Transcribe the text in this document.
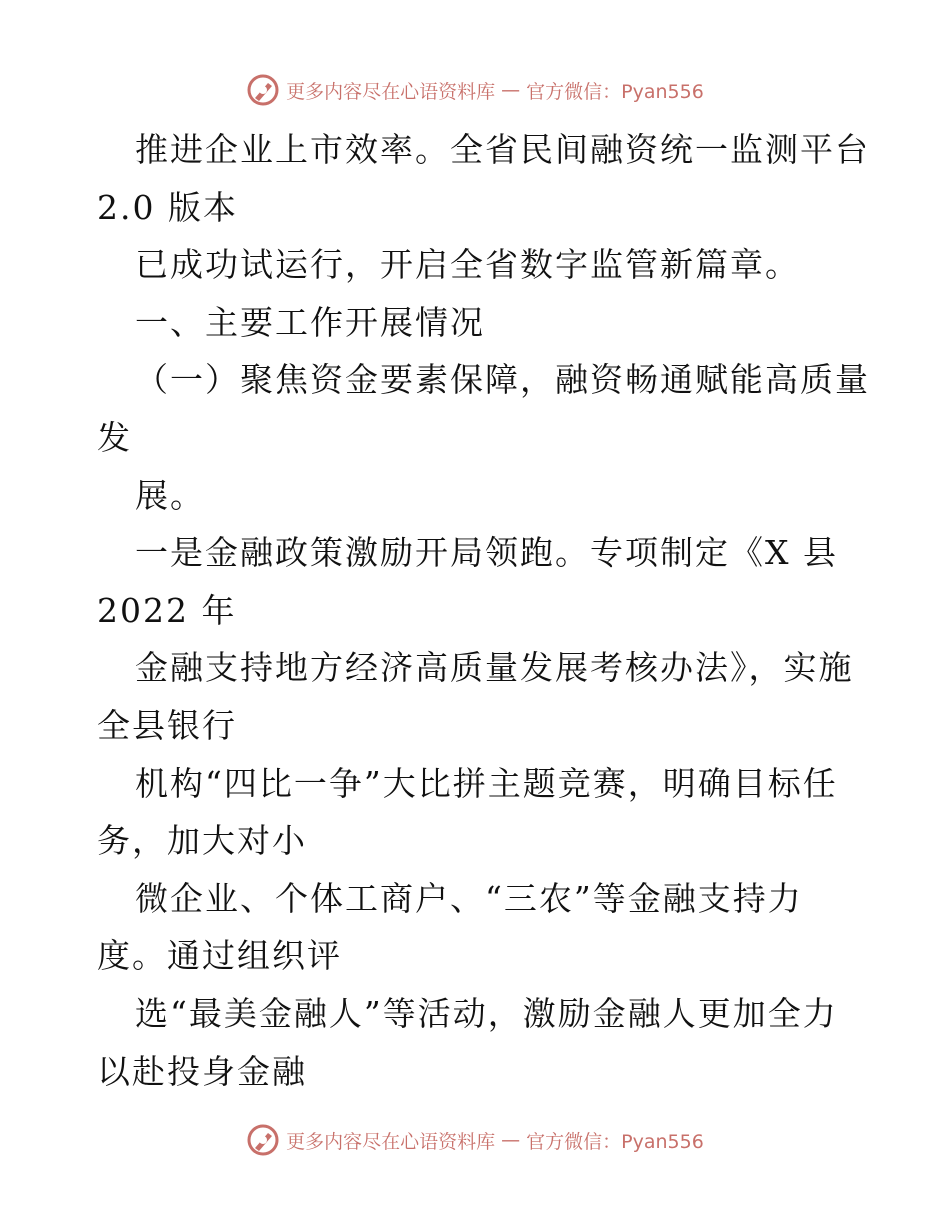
更多内容尽在心语资料库 — 官方微信：Pyan556
推进企业上市效率。全省民间融资统一监测平台
2.0 版本
已成功试运行，开启全省数字监管新篇章。
一、主要工作开展情况
（一）聚焦资金要素保障，融资畅通赋能高质量
发
展。
一是金融政策激励开局领跑。专项制定《X 县
2022 年
金融支持地方经济高质量发展考核办法》，实施
全县银行
机构“四比一争”大比拼主题竞赛，明确目标任
务，加大对小
微企业、个体工商户、“三农”等金融支持力
度。通过组织评
选“最美金融人”等活动，激励金融人更加全力
以赴投身金融
更多内容尽在心语资料库 — 官方微信：Pyan556
